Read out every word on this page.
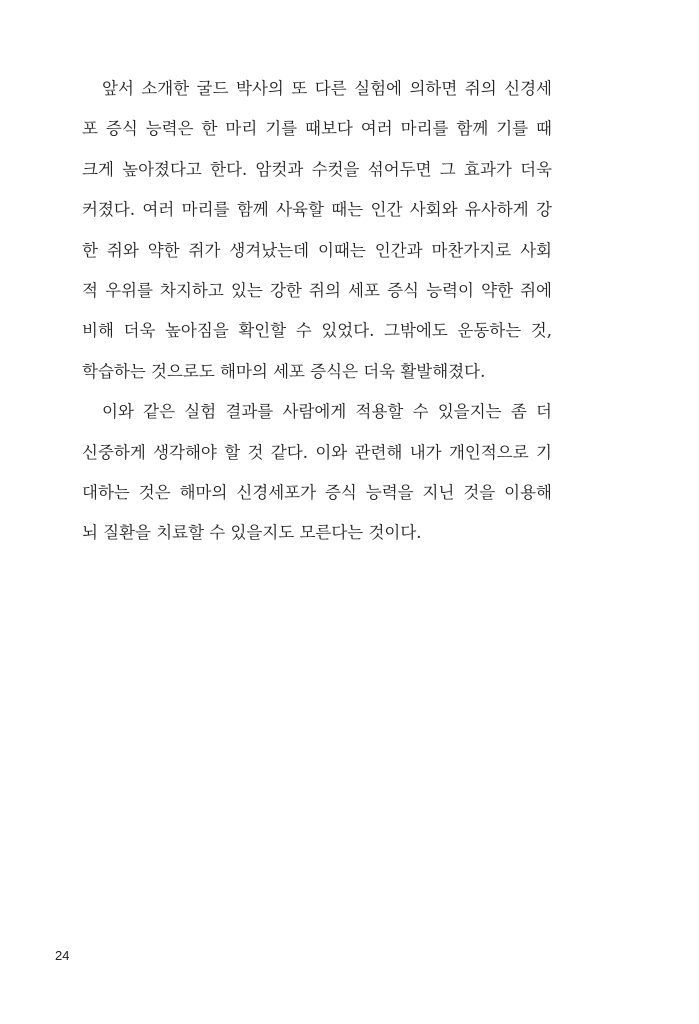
앞서 소개한 굴드 박사의 또 다른 실험에 의하면 쥐의 신경세
포 증식 능력은 한 마리 기를 때보다 여러 마리를 함께 기를 때
크게 높아졌다고 한다. 암컷과 수컷을 섞어두면 그 효과가 더욱
커졌다. 여러 마리를 함께 사육할 때는 인간 사회와 유사하게 강
한 쥐와 약한 쥐가 생겨났는데 이때는 인간과 마찬가지로 사회
적 우위를 차지하고 있는 강한 쥐의 세포 증식 능력이 약한 쥐에
비해 더욱 높아짐을 확인할 수 있었다. 그밖에도 운동하는 것,
학습하는 것으로도 해마의 세포 증식은 더욱 활발해졌다.
이와 같은 실험 결과를 사람에게 적용할 수 있을지는 좀 더
신중하게 생각해야 할 것 같다. 이와 관련해 내가 개인적으로 기
대하는 것은 해마의 신경세포가 증식 능력을 지닌 것을 이용해
뇌 질환을 치료할 수 있을지도 모른다는 것이다.
24
